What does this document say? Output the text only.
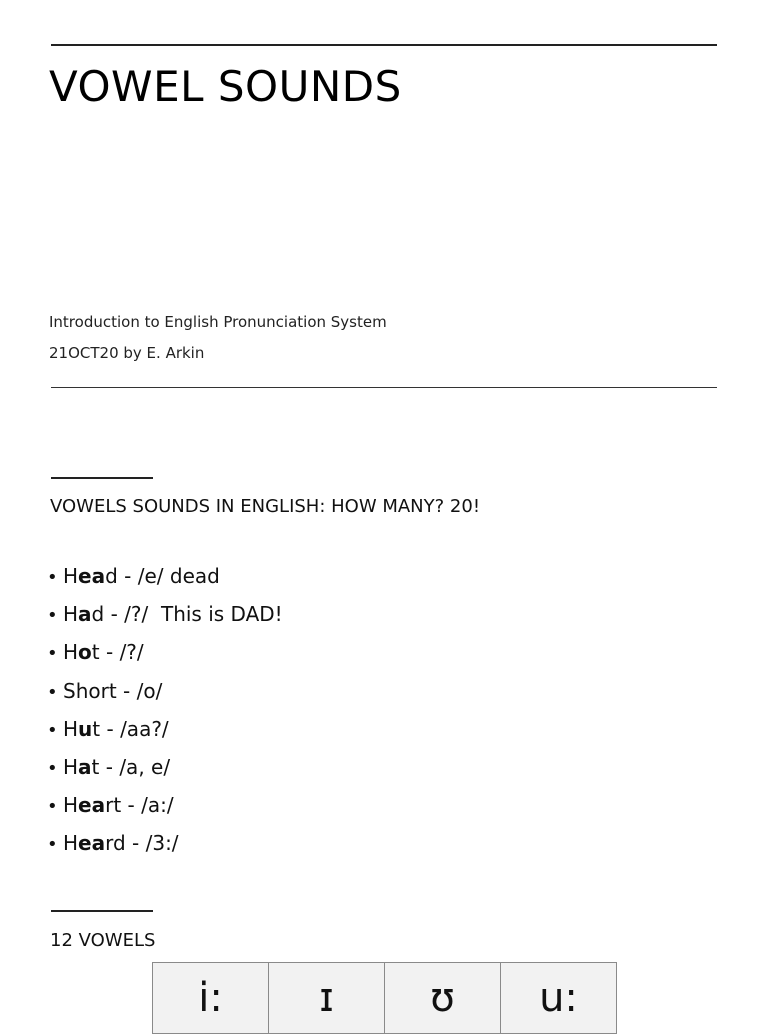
VOWEL SOUNDS
Introduction to English Pronunciation System
21OCT20 by E. Arkin
VOWELS SOUNDS IN ENGLISH: HOW MANY? 20!
• Head - /e/ dead
• Had - /?/  This is DAD!
• Hot - /?/
• Short - /o/
• Hut - /aa?/
• Hat - /a, e/
• Heart - /a:/
• Heard - /3:/
12 VOWELS
i:	ɪ	ʊ	u:
